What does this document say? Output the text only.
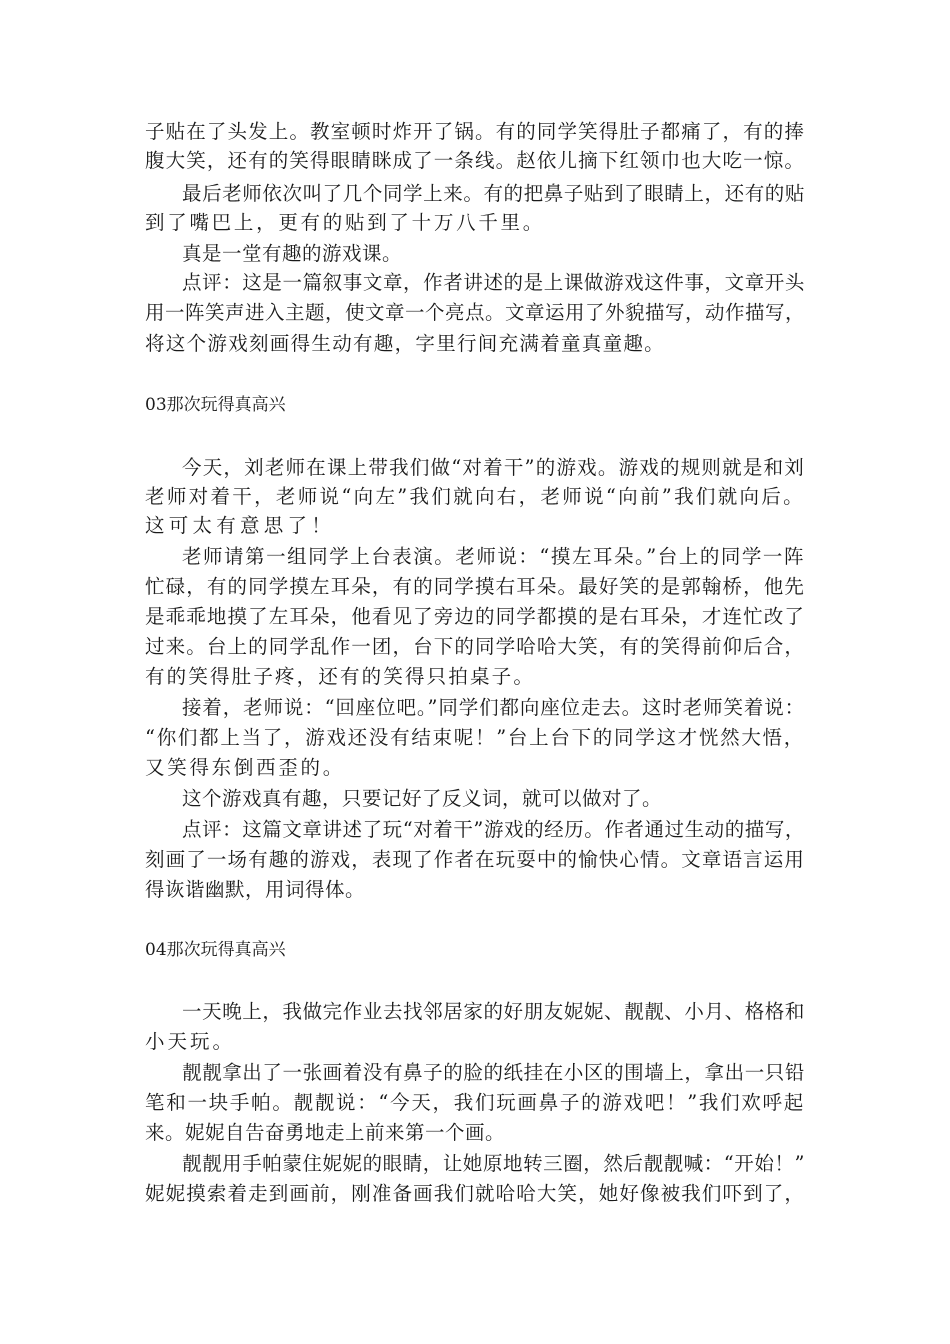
子贴在了头发上。教室顿时炸开了锅。有的同学笑得肚子都痛了，有的捧
腹大笑，还有的笑得眼睛眯成了一条线。赵依儿摘下红领巾也大吃一惊。
最后老师依次叫了几个同学上来。有的把鼻子贴到了眼睛上，还有的贴
到了嘴巴上，更有的贴到了十万八千里。
真是一堂有趣的游戏课。
点评：这是一篇叙事文章，作者讲述的是上课做游戏这件事，文章开头
用一阵笑声进入主题，使文章一个亮点。文章运用了外貌描写，动作描写，
将这个游戏刻画得生动有趣，字里行间充满着童真童趣。
03那次玩得真高兴
今天，刘老师在课上带我们做“对着干”的游戏。游戏的规则就是和刘
老师对着干，老师说“向左”我们就向右，老师说“向前”我们就向后。
这可太有意思了！
老师请第一组同学上台表演。老师说：“摸左耳朵。”台上的同学一阵
忙碌，有的同学摸左耳朵，有的同学摸右耳朵。最好笑的是郭翰桥，他先
是乖乖地摸了左耳朵，他看见了旁边的同学都摸的是右耳朵，才连忙改了
过来。台上的同学乱作一团，台下的同学哈哈大笑，有的笑得前仰后合，
有的笑得肚子疼，还有的笑得只拍桌子。
接着，老师说：“回座位吧。”同学们都向座位走去。这时老师笑着说：
“你们都上当了，游戏还没有结束呢！”台上台下的同学这才恍然大悟，
又笑得东倒西歪的。
这个游戏真有趣，只要记好了反义词，就可以做对了。
点评：这篇文章讲述了玩“对着干”游戏的经历。作者通过生动的描写，
刻画了一场有趣的游戏，表现了作者在玩耍中的愉快心情。文章语言运用
得诙谐幽默，用词得体。
04那次玩得真高兴
一天晚上，我做完作业去找邻居家的好朋友妮妮、靓靓、小月、格格和
小天玩。
靓靓拿出了一张画着没有鼻子的脸的纸挂在小区的围墙上，拿出一只铅
笔和一块手帕。靓靓说：“今天，我们玩画鼻子的游戏吧！”我们欢呼起
来。妮妮自告奋勇地走上前来第一个画。
靓靓用手帕蒙住妮妮的眼睛，让她原地转三圈，然后靓靓喊：“开始！”
妮妮摸索着走到画前，刚准备画我们就哈哈大笑，她好像被我们吓到了，
